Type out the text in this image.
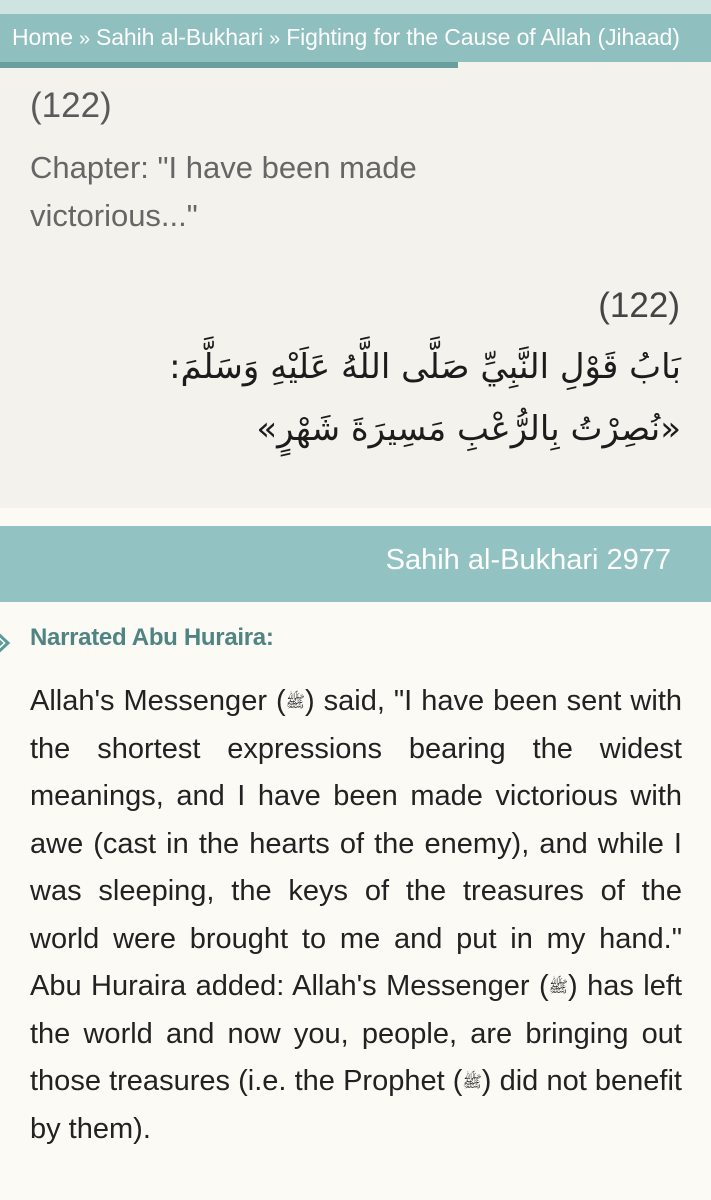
Home » Sahih al-Bukhari » Fighting for the Cause of Allah (Jihaad)
(122)
Chapter: "I have been made victorious..."
(122)
بَابُ قَوْلِ النَّبِيِّ صَلَّى اللَّهُ عَلَيْهِ وَسَلَّمَ: «نُصِرْتُ بِالرُّعْبِ مَسِيرَةَ شَهْرٍ»
Sahih al-Bukhari 2977
Narrated Abu Huraira:
Allah's Messenger (ﷺ) said, "I have been sent with the shortest expressions bearing the widest meanings, and I have been made victorious with awe (cast in the hearts of the enemy), and while I was sleeping, the keys of the treasures of the world were brought to me and put in my hand." Abu Huraira added: Allah's Messenger (ﷺ) has left the world and now you, people, are bringing out those treasures (i.e. the Prophet (ﷺ) did not benefit by them).
